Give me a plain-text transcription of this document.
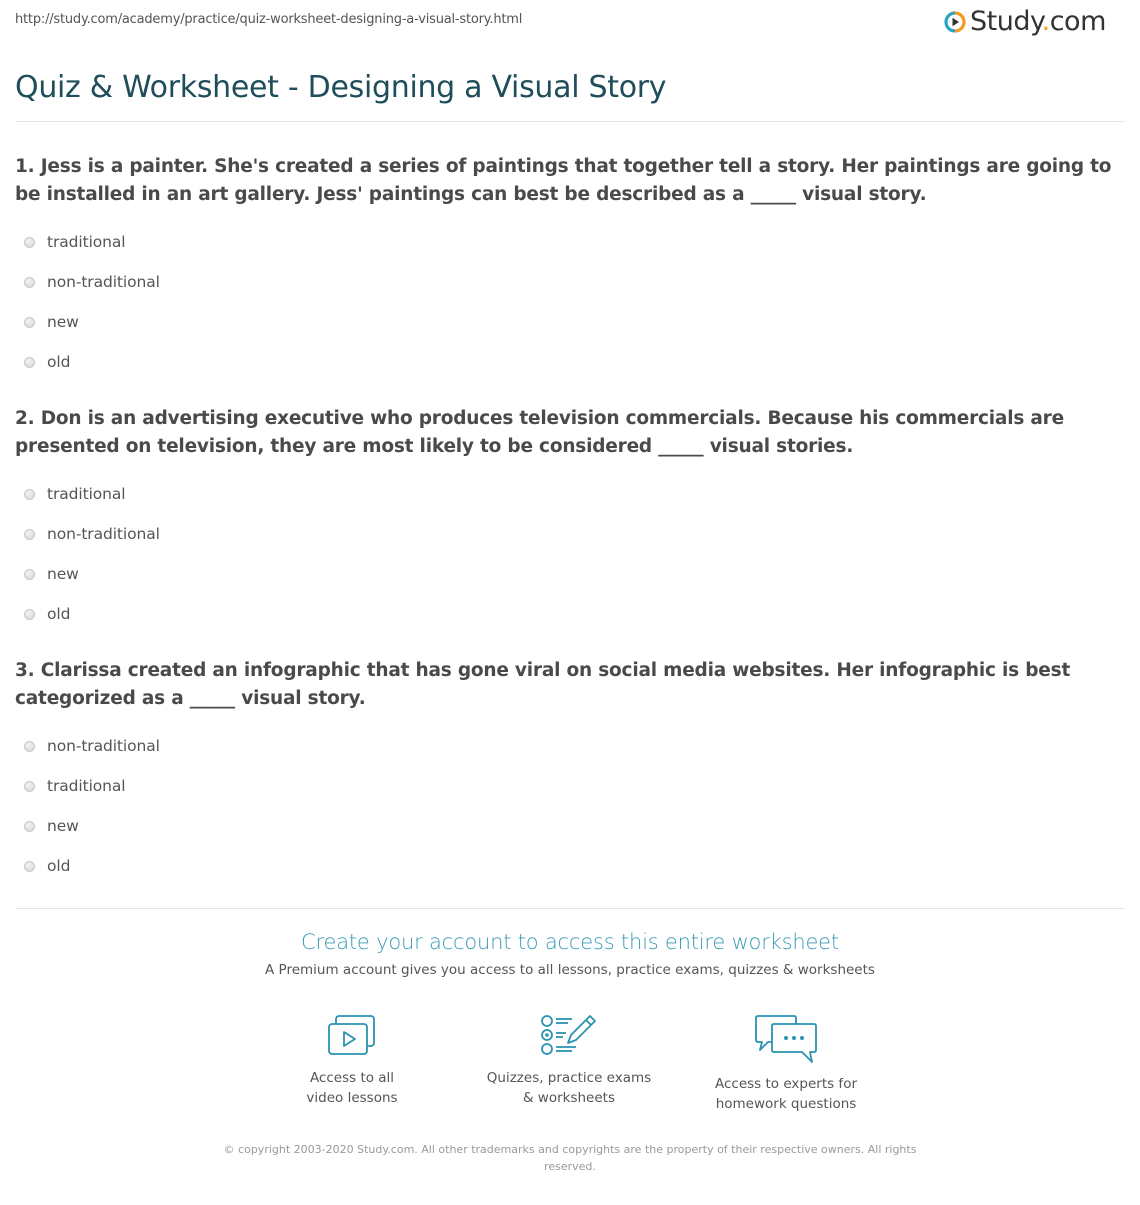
http://study.com/academy/practice/quiz-worksheet-designing-a-visual-story.html	Study.com
Quiz & Worksheet - Designing a Visual Story

1. Jess is a painter. She's created a series of paintings that together tell a story. Her paintings are going to be installed in an art gallery. Jess' paintings can best be described as a _____ visual story.

traditional
non-traditional
new
old

2. Don is an advertising executive who produces television commercials. Because his commercials are presented on television, they are most likely to be considered _____ visual stories.

traditional
non-traditional
new
old

3. Clarissa created an infographic that has gone viral on social media websites. Her infographic is best categorized as a _____ visual story.

non-traditional
traditional
new
old
Create your account to access this entire worksheet
A Premium account gives you access to all lessons, practice exams, quizzes & worksheets
Access to all
video lessons
Quizzes, practice exams
& worksheets
Access to experts for
homework questions
© copyright 2003-2020 Study.com. All other trademarks and copyrights are the property of their respective owners. All rights reserved.
